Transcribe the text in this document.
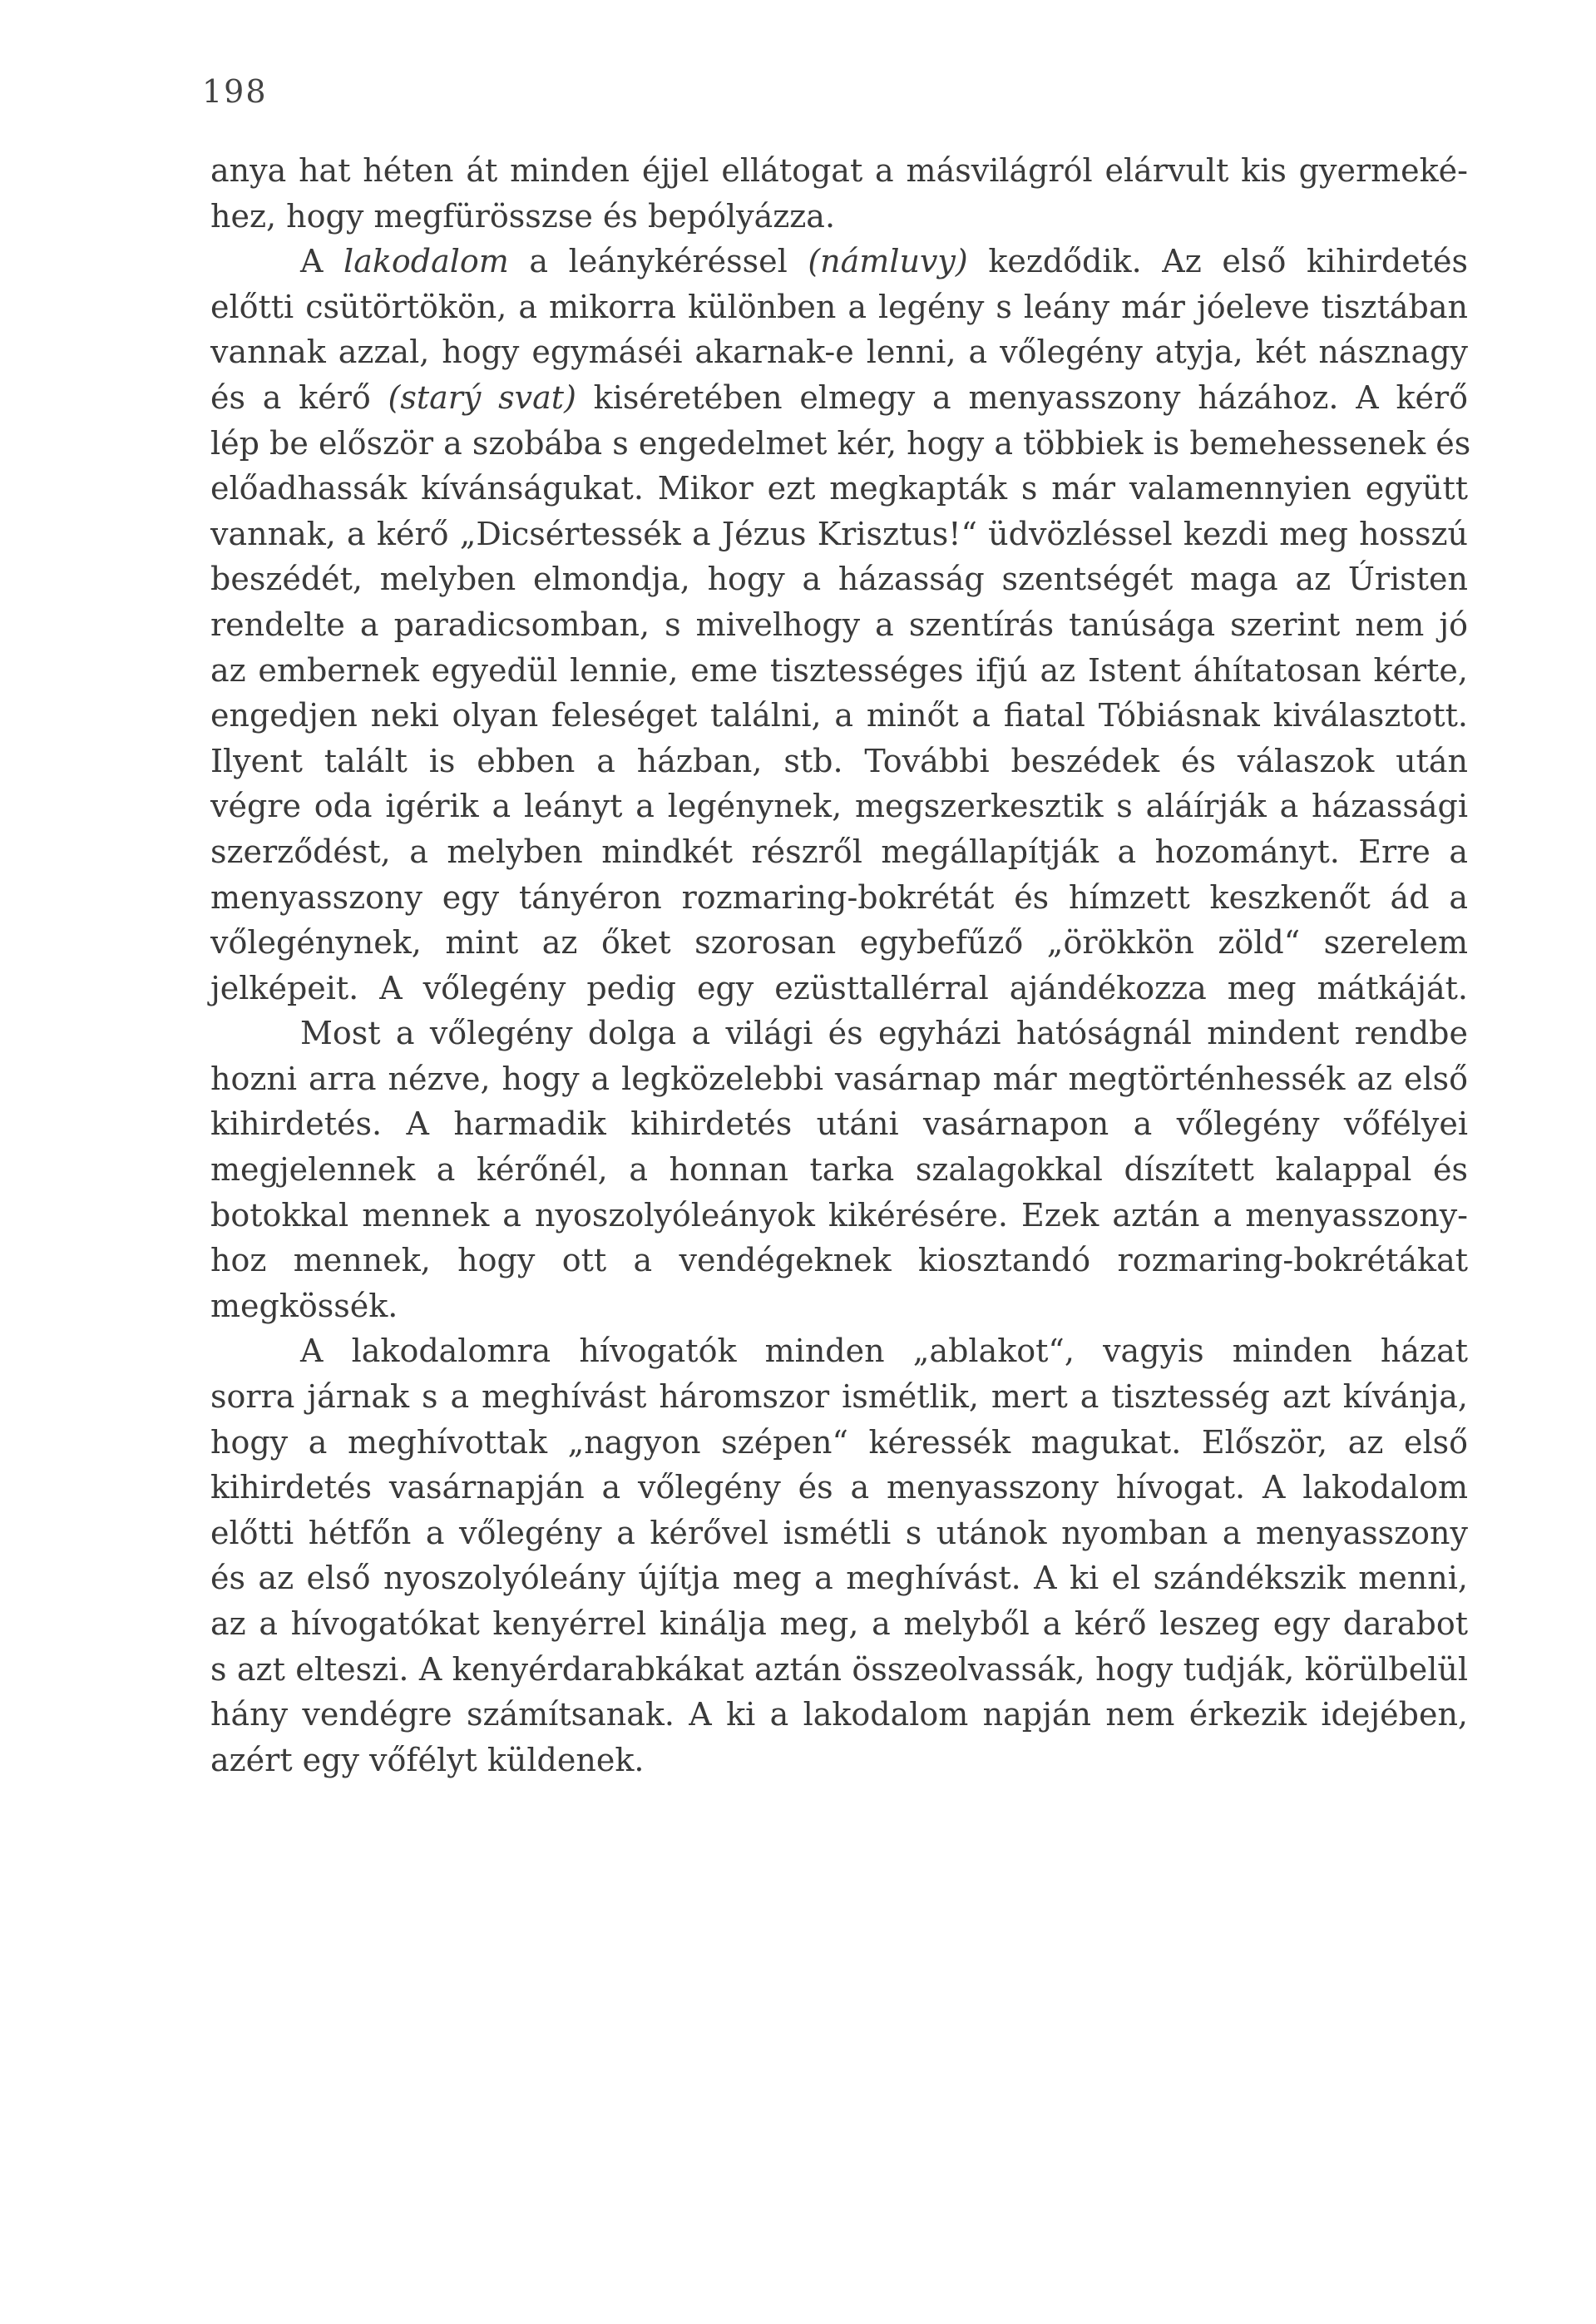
198
anya hat héten át minden éjjel ellátogat a másvilágról elárvult kis gyermeké-
hez, hogy megfürösszse és bepólyázza.
A lakodalom a leánykéréssel (námluvy) kezdődik. Az első kihirdetés
előtti csütörtökön, a mikorra különben a legény s leány már jóeleve tisztában
vannak azzal, hogy egymáséi akarnak-e lenni, a vőlegény atyja, két násznagy
és a kérő (starý svat) kiséretében elmegy a menyasszony házához. A kérő
lép be először a szobába s engedelmet kér, hogy a többiek is bemehessenek és
előadhassák kívánságukat. Mikor ezt megkapták s már valamennyien együtt
vannak, a kérő „Dicsértessék a Jézus Krisztus!“ üdvözléssel kezdi meg hosszú
beszédét, melyben elmondja, hogy a házasság szentségét maga az Úristen
rendelte a paradicsomban, s mivelhogy a szentírás tanúsága szerint nem jó
az embernek egyedül lennie, eme tisztességes ifjú az Istent áhítatosan kérte,
engedjen neki olyan feleséget találni, a minőt a fiatal Tóbiásnak kiválasztott.
Ilyent talált is ebben a házban, stb. További beszédek és válaszok után
végre oda igérik a leányt a legénynek, megszerkesztik s aláírják a házassági
szerződést, a melyben mindkét részről megállapítják a hozományt. Erre a
menyasszony egy tányéron rozmaring-bokrétát és hímzett keszkenőt ád a
vőlegénynek, mint az őket szorosan egybefűző „örökkön zöld“ szerelem
jelképeit. A vőlegény pedig egy ezüsttallérral ajándékozza meg mátkáját.
Most a vőlegény dolga a világi és egyházi hatóságnál mindent rendbe
hozni arra nézve, hogy a legközelebbi vasárnap már megtörténhessék az első
kihirdetés. A harmadik kihirdetés utáni vasárnapon a vőlegény vőfélyei
megjelennek a kérőnél, a honnan tarka szalagokkal díszített kalappal és
botokkal mennek a nyoszolyóleányok kikérésére. Ezek aztán a menyasszony-
hoz mennek, hogy ott a vendégeknek kiosztandó rozmaring-bokrétákat
megkössék.
A lakodalomra hívogatók minden „ablakot“, vagyis minden házat
sorra járnak s a meghívást háromszor ismétlik, mert a tisztesség azt kívánja,
hogy a meghívottak „nagyon szépen“ kéressék magukat. Először, az első
kihirdetés vasárnapján a vőlegény és a menyasszony hívogat. A lakodalom
előtti hétfőn a vőlegény a kérővel ismétli s utánok nyomban a menyasszony
és az első nyoszolyóleány újítja meg a meghívást. A ki el szándékszik menni,
az a hívogatókat kenyérrel kinálja meg, a melyből a kérő leszeg egy darabot
s azt elteszi. A kenyérdarabkákat aztán összeolvassák, hogy tudják, körülbelül
hány vendégre számítsanak. A ki a lakodalom napján nem érkezik idejében,
azért egy vőfélyt küldenek.
